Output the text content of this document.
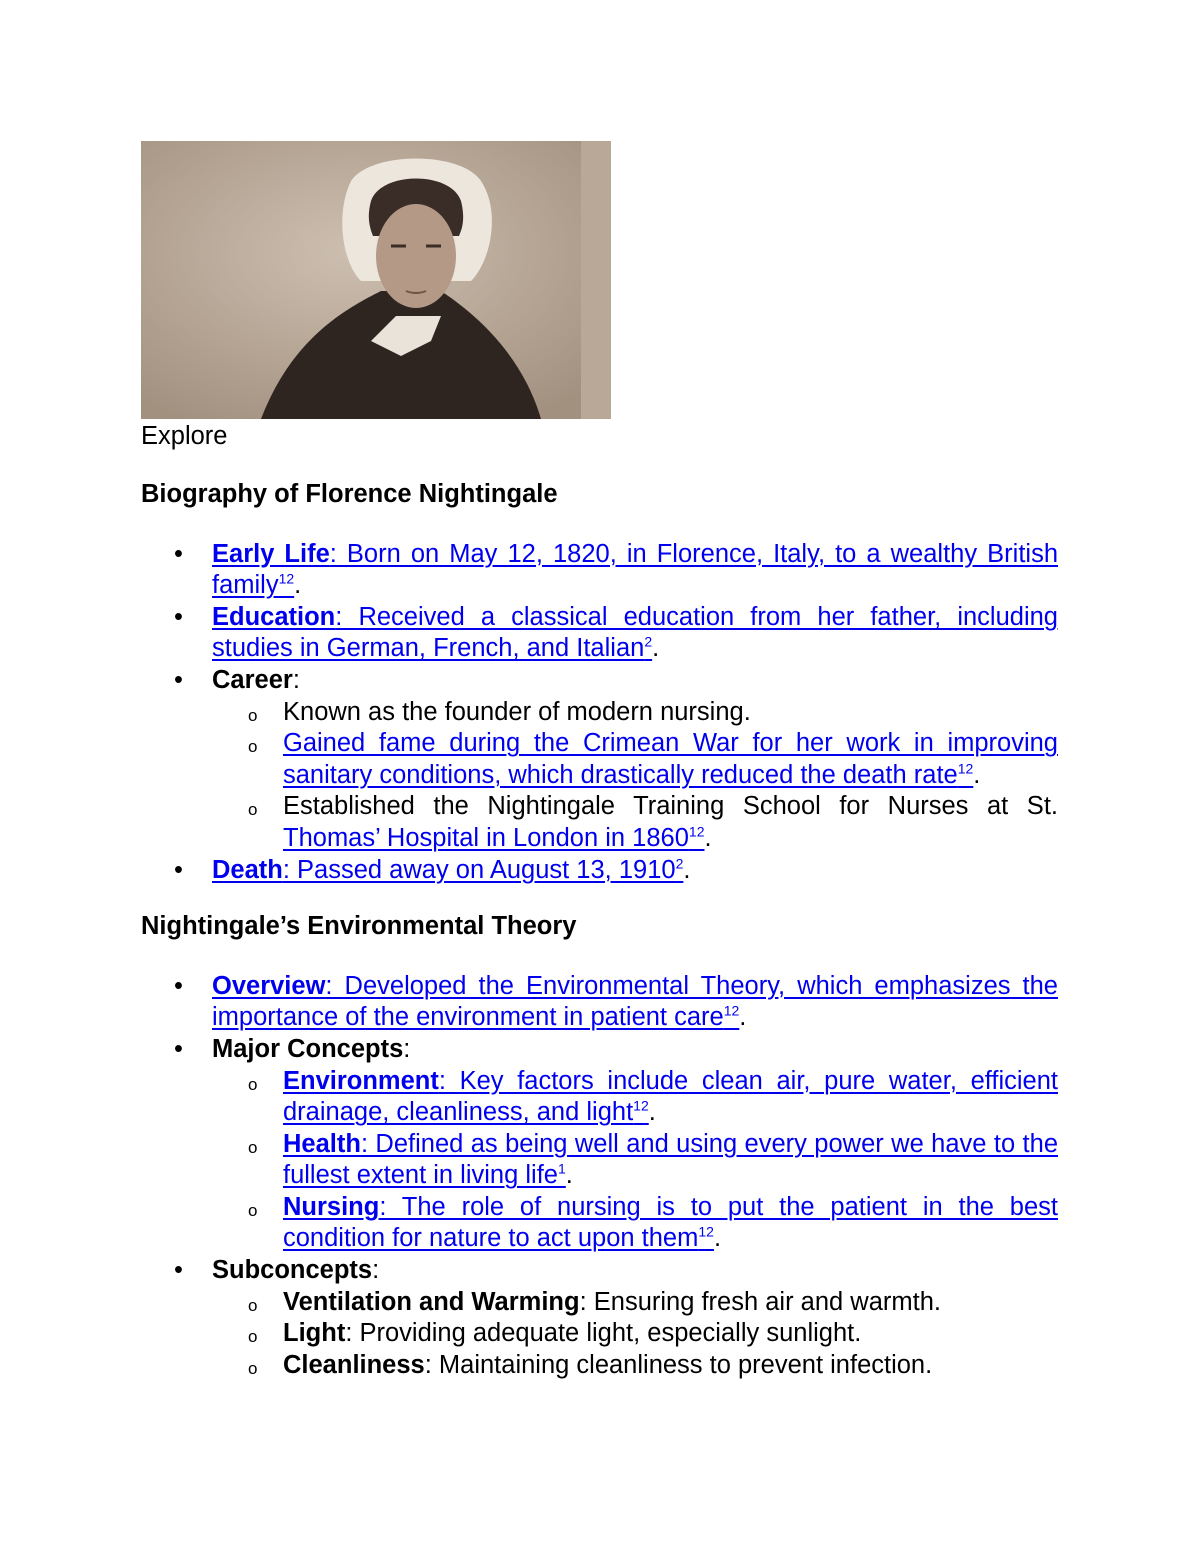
Explore
Biography of Florence Nightingale
• Early Life: Born on May 12, 1820, in Florence, Italy, to a wealthy British family$^{12}$.
• Education: Received a classical education from her father, including studies in German, French, and Italian$^2$.
• Career:
o Known as the founder of modern nursing.
o Gained fame during the Crimean War for her work in improving sanitary conditions, which drastically reduced the death rate$^{12}$.
o Established the Nightingale Training School for Nurses at St. Thomas’ Hospital in London in 1860$^{12}$.
• Death: Passed away on August 13, 1910$^2$.
Nightingale’s Environmental Theory
• Overview: Developed the Environmental Theory, which emphasizes the importance of the environment in patient care$^{12}$.
• Major Concepts:
o Environment: Key factors include clean air, pure water, efficient drainage, cleanliness, and light$^{12}$.
o Health: Defined as being well and using every power we have to the fullest extent in living life$^1$.
o Nursing: The role of nursing is to put the patient in the best condition for nature to act upon them$^{12}$.
• Subconcepts:
o Ventilation and Warming: Ensuring fresh air and warmth.
o Light: Providing adequate light, especially sunlight.
o Cleanliness: Maintaining cleanliness to prevent infection.
